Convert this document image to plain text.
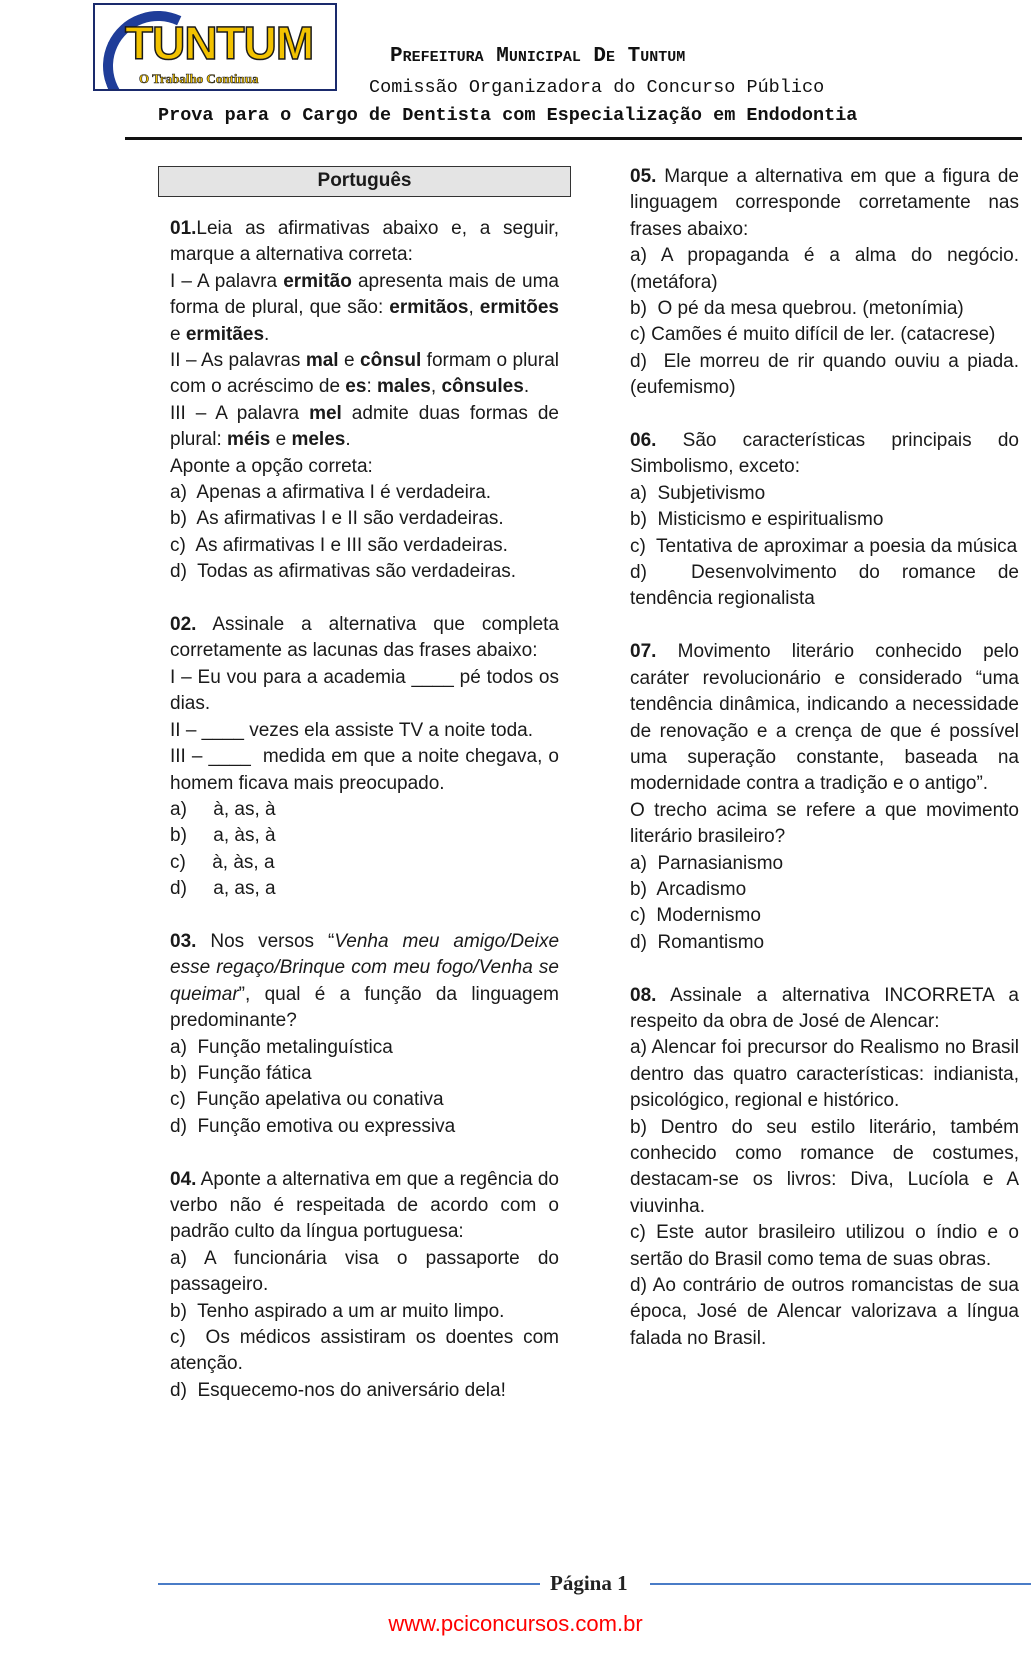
TUNTUM
O Trabalho Continua
Prefeitura Municipal De Tuntum
Comissão Organizadora do Concurso Público
Prova para o Cargo de Dentista com Especialização em Endodontia
Português
01.Leia as afirmativas abaixo e, a seguir, marque a alternativa correta:
I – A palavra ermitão apresenta mais de uma forma de plural, que são: ermitãos, ermitões e ermitães.
II – As palavras mal e cônsul formam o plural com o acréscimo de es: males, cônsules.
III – A palavra mel admite duas formas de plural: méis e meles.
Aponte a opção correta:
a)  Apenas a afirmativa I é verdadeira.
b)  As afirmativas I e II são verdadeiras.
c)  As afirmativas I e III são verdadeiras.
d)  Todas as afirmativas são verdadeiras.
02. Assinale a alternativa que completa corretamente as lacunas das frases abaixo:
I – Eu vou para a academia ____ pé todos os dias.
II – ____ vezes ela assiste TV a noite toda.
III – ____  medida em que a noite chegava, o homem ficava mais preocupado.
a)     à, as, à
b)     a, às, à
c)     à, às, a
d)     a, as, a
03. Nos versos “Venha meu amigo/Deixe esse regaço/Brinque com meu fogo/Venha se queimar”, qual é a função da linguagem predominante?
a)  Função metalinguística
b)  Função fática
c)  Função apelativa ou conativa
d)  Função emotiva ou expressiva
04. Aponte a alternativa em que a regência do verbo não é respeitada de acordo com o padrão culto da língua portuguesa:
a) A funcionária visa o passaporte do passageiro.
b)  Tenho aspirado a um ar muito limpo.
c)  Os médicos assistiram os doentes com atenção.
d)  Esquecemo-nos do aniversário dela!
05. Marque a alternativa em que a figura de linguagem corresponde corretamente nas frases abaixo:
a) A propaganda é a alma do negócio. (metáfora)
b)  O pé da mesa quebrou. (metonímia)
c) Camões é muito difícil de ler. (catacrese)
d)  Ele morreu de rir quando ouviu a piada. (eufemismo)
06. São características principais do Simbolismo, exceto:
a)  Subjetivismo
b)  Misticismo e espiritualismo
c)  Tentativa de aproximar a poesia da música
d)  Desenvolvimento do romance de tendência regionalista
07. Movimento literário conhecido pelo caráter revolucionário e considerado “uma tendência dinâmica, indicando a necessidade de renovação e a crença de que é possível uma superação constante, baseada na modernidade contra a tradição e o antigo”.
O trecho acima se refere a que movimento literário brasileiro?
a)  Parnasianismo
b)  Arcadismo
c)  Modernismo
d)  Romantismo
08. Assinale a alternativa INCORRETA a respeito da obra de José de Alencar:
a) Alencar foi precursor do Realismo no Brasil dentro das quatro características: indianista, psicológico, regional e histórico.
b) Dentro do seu estilo literário, também conhecido como romance de costumes, destacam-se os livros: Diva, Lucíola e A viuvinha.
c) Este autor brasileiro utilizou o índio e o sertão do Brasil como tema de suas obras.
d) Ao contrário de outros romancistas de sua época, José de Alencar valorizava a língua falada no Brasil.
Página 1
www.pciconcursos.com.br
